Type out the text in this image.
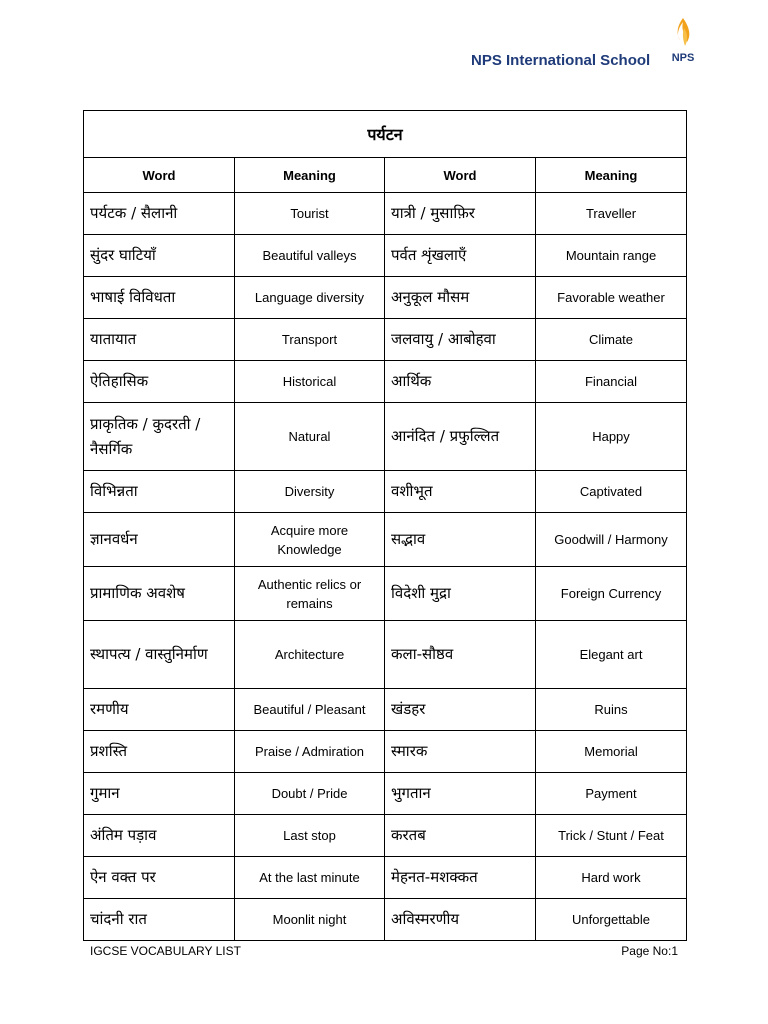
NPS International School	NPS
पर्यटन			
Word	Meaning	Word	Meaning
पर्यटक / सैलानी	Tourist	यात्री / मुसाफ़िर	Traveller
सुंदर घाटियाँ	Beautiful valleys	पर्वत शृंखलाएँ	Mountain range
भाषाई विविधता	Language diversity	अनुकूल मौसम	Favorable weather
यातायात	Transport	जलवायु / आबोहवा	Climate
ऐतिहासिक	Historical	आर्थिक	Financial
प्राकृतिक / कुदरती / नैसर्गिक	Natural	आनंदित / प्रफुल्लित	Happy
विभिन्नता	Diversity	वशीभूत	Captivated
ज्ञानवर्धन	Acquire more Knowledge	सद्भाव	Goodwill / Harmony
प्रामाणिक अवशेष	Authentic relics or remains	विदेशी मुद्रा	Foreign Currency
स्थापत्य / वास्तुनिर्माण	Architecture	कला-सौष्ठव	Elegant art
रमणीय	Beautiful / Pleasant	खंडहर	Ruins
प्रशस्ति	Praise / Admiration	स्मारक	Memorial
गुमान	Doubt / Pride	भुगतान	Payment
अंतिम पड़ाव	Last stop	करतब	Trick / Stunt / Feat
ऐन वक्त पर	At the last minute	मेहनत-मशक्कत	Hard work
चांदनी रात	Moonlit night	अविस्मरणीय	Unforgettable
IGCSE VOCABULARY LIST	Page No:1
